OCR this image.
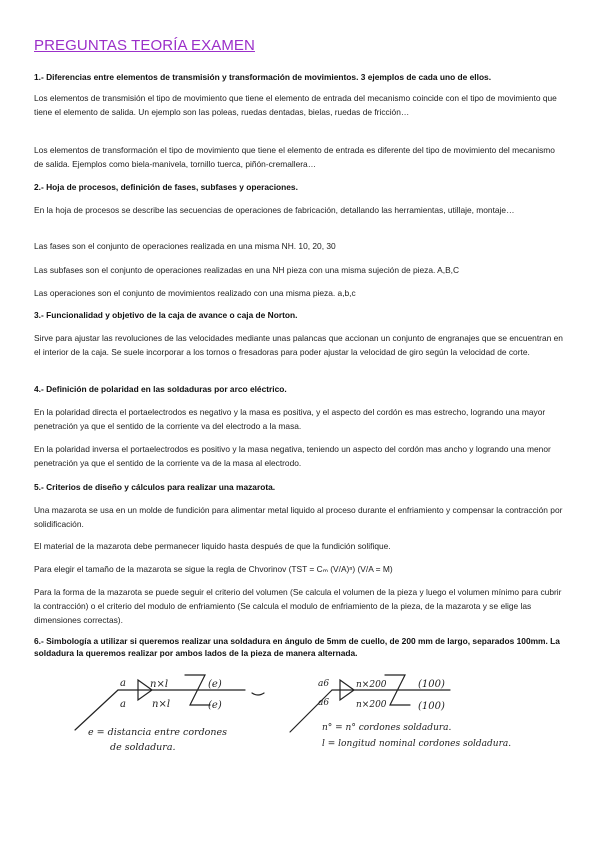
PREGUNTAS TEORÍA EXAMEN
1.- Diferencias entre elementos de transmisión y transformación de movimientos. 3 ejemplos de cada uno de ellos.
Los elementos de transmisión el tipo de movimiento que tiene el elemento de entrada del mecanismo coincide con el tipo de movimiento que tiene el elemento de salida. Un ejemplo son las poleas, ruedas dentadas, bielas, ruedas de fricción…
Los elementos de transformación el tipo de movimiento que tiene el elemento de entrada es diferente del tipo de movimiento del mecanismo de salida. Ejemplos como biela-manivela, tornillo tuerca, piñón-cremallera…
2.- Hoja de procesos, definición de fases, subfases y operaciones.
En la hoja de procesos se describe las secuencias de operaciones de fabricación, detallando las herramientas, utillaje, montaje…
Las fases son el conjunto de operaciones realizada en una misma NH. 10, 20, 30
Las subfases son el conjunto de operaciones realizadas en una NH pieza con una misma sujeción de pieza. A,B,C
Las operaciones son el conjunto de movimientos realizado con una misma pieza. a,b,c
3.- Funcionalidad y objetivo de la caja de avance o caja de Norton.
Sirve para ajustar las revoluciones de las velocidades mediante unas palancas que accionan un conjunto de engranajes que se encuentran en el interior de la caja. Se suele incorporar a los tornos o fresadoras para poder ajustar la velocidad de giro según la velocidad de corte.
4.- Definición de polaridad en las soldaduras por arco eléctrico.
En la polaridad directa el portaelectrodos es negativo y la masa es positiva, y el aspecto del cordón es mas estrecho, logrando una mayor penetración ya que el sentido de la corriente va del electrodo a la masa.
En la polaridad inversa el portaelectrodos es positivo y la masa negativa, teniendo un aspecto del cordón mas ancho y logrando una menor penetración ya que el sentido de la corriente va de la masa al electrodo.
5.- Criterios de diseño y cálculos para realizar una mazarota.
Una mazarota se usa en un molde de fundición para alimentar metal liquido al proceso durante el enfriamiento y compensar la contracción por solidificación.
El material de la mazarota debe permanecer liquido hasta después de que la fundición solifique.
Para elegir el tamaño de la mazarota se sigue la regla de Chvorinov (TST = Cₘ (V/A)ⁿ) (V/A = M)
Para la forma de la mazarota se puede seguir el criterio del volumen (Se calcula el volumen de la pieza y luego el volumen mínimo para cubrir la contracción) o el criterio del modulo de enfriamiento (Se calcula el modulo de enfriamiento de la pieza, de la mazarota y se elige las dimensiones correctas).
6.- Simbología a utilizar si queremos realizar una soldadura en ángulo de 5mm de cuello, de 200 mm de largo, separados 100mm. La soldadura la queremos realizar por ambos lados de la pieza de manera alternada.
a
a
n×l
n×l
(e)
(e)
e = distancia entre cordones
de soldadura.
a6
a6
n×200
n×200
(100)
(100)
n° = n° cordones soldadura.
l = longitud nominal cordones soldadura.
